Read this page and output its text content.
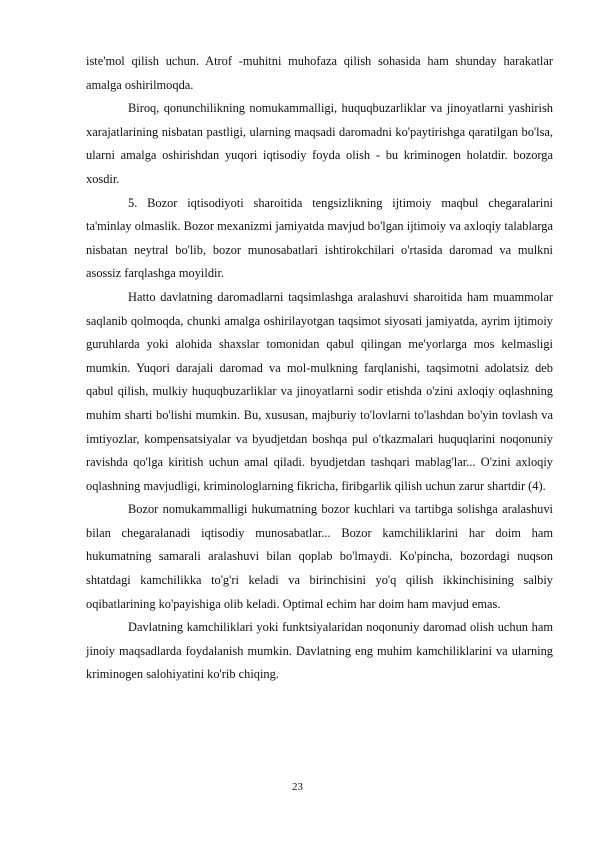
iste'mol qilish uchun. Atrof -muhitni muhofaza qilish sohasida ham shunday harakatlar amalga oshirilmoqda.

Biroq, qonunchilikning nomukammalligi, huquqbuzarliklar va jinoyatlarni yashirish xarajatlarining nisbatan pastligi, ularning maqsadi daromadni ko'paytirishga qaratilgan bo'lsa, ularni amalga oshirishdan yuqori iqtisodiy foyda olish - bu kriminogen holatdir. bozorga xosdir.

5. Bozor iqtisodiyoti sharoitida tengsizlikning ijtimoiy maqbul chegaralarini ta'minlay olmaslik. Bozor mexanizmi jamiyatda mavjud bo'lgan ijtimoiy va axloqiy talablarga nisbatan neytral bo'lib, bozor munosabatlari ishtirokchilari o'rtasida daromad va mulkni asossiz farqlashga moyildir.

Hatto davlatning daromadlarni taqsimlashga aralashuvi sharoitida ham muammolar saqlanib qolmoqda, chunki amalga oshirilayotgan taqsimot siyosati jamiyatda, ayrim ijtimoiy guruhlarda yoki alohida shaxslar tomonidan qabul qilingan me'yorlarga mos kelmasligi mumkin. Yuqori darajali daromad va mol-mulkning farqlanishi, taqsimotni adolatsiz deb qabul qilish, mulkiy huquqbuzarliklar va jinoyatlarni sodir etishda o'zini axloqiy oqlashning muhim sharti bo'lishi mumkin. Bu, xususan, majburiy to'lovlarni to'lashdan bo'yin tovlash va imtiyozlar, kompensatsiyalar va byudjetdan boshqa pul o'tkazmalari huquqlarini noqonuniy ravishda qo'lga kiritish uchun amal qiladi. byudjetdan tashqari mablag'lar... O'zini axloqiy oqlashning mavjudligi, kriminologlarning fikricha, firibgarlik qilish uchun zarur shartdir (4).

Bozor nomukammalligi hukumatning bozor kuchlari va tartibga solishga aralashuvi bilan chegaralanadi iqtisodiy munosabatlar... Bozor kamchiliklarini har doim ham hukumatning samarali aralashuvi bilan qoplab bo'lmaydi. Ko'pincha, bozordagi nuqson shtatdagi kamchilikka to'g'ri keladi va birinchisini yo'q qilish ikkinchisining salbiy oqibatlarining ko'payishiga olib keladi. Optimal echim har doim ham mavjud emas.

Davlatning kamchiliklari yoki funktsiyalaridan noqonuniy daromad olish uchun ham jinoiy maqsadlarda foydalanish mumkin. Davlatning eng muhim kamchiliklarini va ularning kriminogen salohiyatini ko'rib chiqing.

23
